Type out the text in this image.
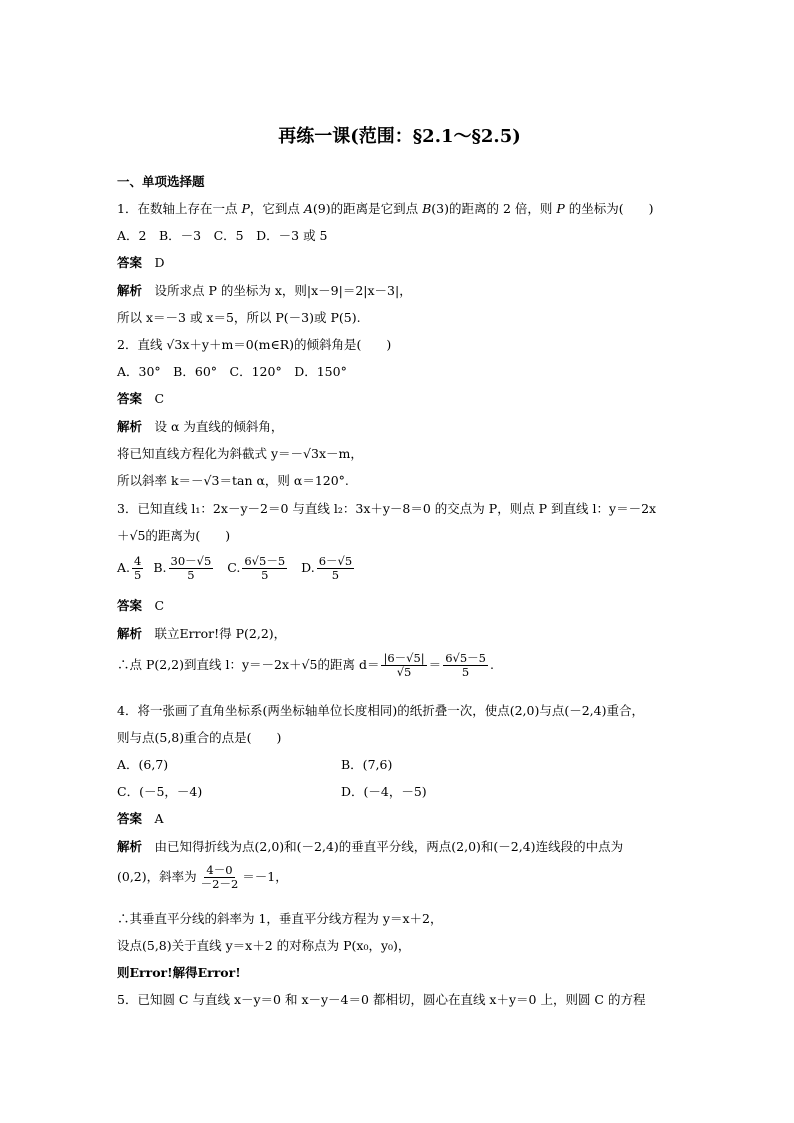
再练一课(范围：§2.1～§2.5)
一、单项选择题
1．在数轴上存在一点 P，它到点 A(9)的距离是它到点 B(3)的距离的 2 倍，则 P 的坐标为(　　)
A．2　B．－3　C．5　D．－3 或 5
答案　 D
解析　 设所求点 P 的坐标为 x，则|x－9|＝2|x－3|，
所以 x＝－3 或 x＝5，所以 P(－3)或 P(5).
2．直线 √3x＋y＋m＝0(m∈R)的倾斜角是(　　)
A．30°　B．60°　C．120°　D．150°
答案　 C
解析　 设 α 为直线的倾斜角，
将已知直线方程化为斜截式 y＝－√3x－m，
所以斜率 k＝－√3＝tan α，则 α＝120°.
3．已知直线 l₁：2x－y－2＝0 与直线 l₂：3x＋y－8＝0 的交点为 P，则点 P 到直线 l：y＝－2x
＋√5的距离为(　　)
A. $\frac{4}{5} B$. $\frac{30-√5}{5} C$. $\frac{6√5-5}{5} D$. $\frac{6-√5}{5}$
答案　 C
解析　 联立Error!得 P(2,2)，
∴点 P(2,2)到直线 l：y＝－2x＋√5的距离 $d= \frac{|6-√5|}{√5} = \frac{6√5-5}{5}$ .
4．将一张画了直角坐标系(两坐标轴单位长度相同)的纸折叠一次，使点(2,0)与点(－2,4)重合，
则与点(5,8)重合的点是(　　)
A．(6,7)	B．(7,6)
C．(－5，－4)	D．(－4，－5)
答案　 A
解析　 由已知得折线为点(2,0)和(－2,4)的垂直平分线，两点(2,0)和(－2,4)连线段的中点为
(0,2)，斜率为 $\frac{4-0}{-2-2} =-1$，
∴其垂直平分线的斜率为 1，垂直平分线方程为 y＝x＋2，
设点(5,8)关于直线 y＝x＋2 的对称点为 P(x₀，y₀)，
则Error!解得Error!
5．已知圆 C 与直线 x－y＝0 和 x－y－4＝0 都相切，圆心在直线 x＋y＝0 上，则圆 C 的方程
